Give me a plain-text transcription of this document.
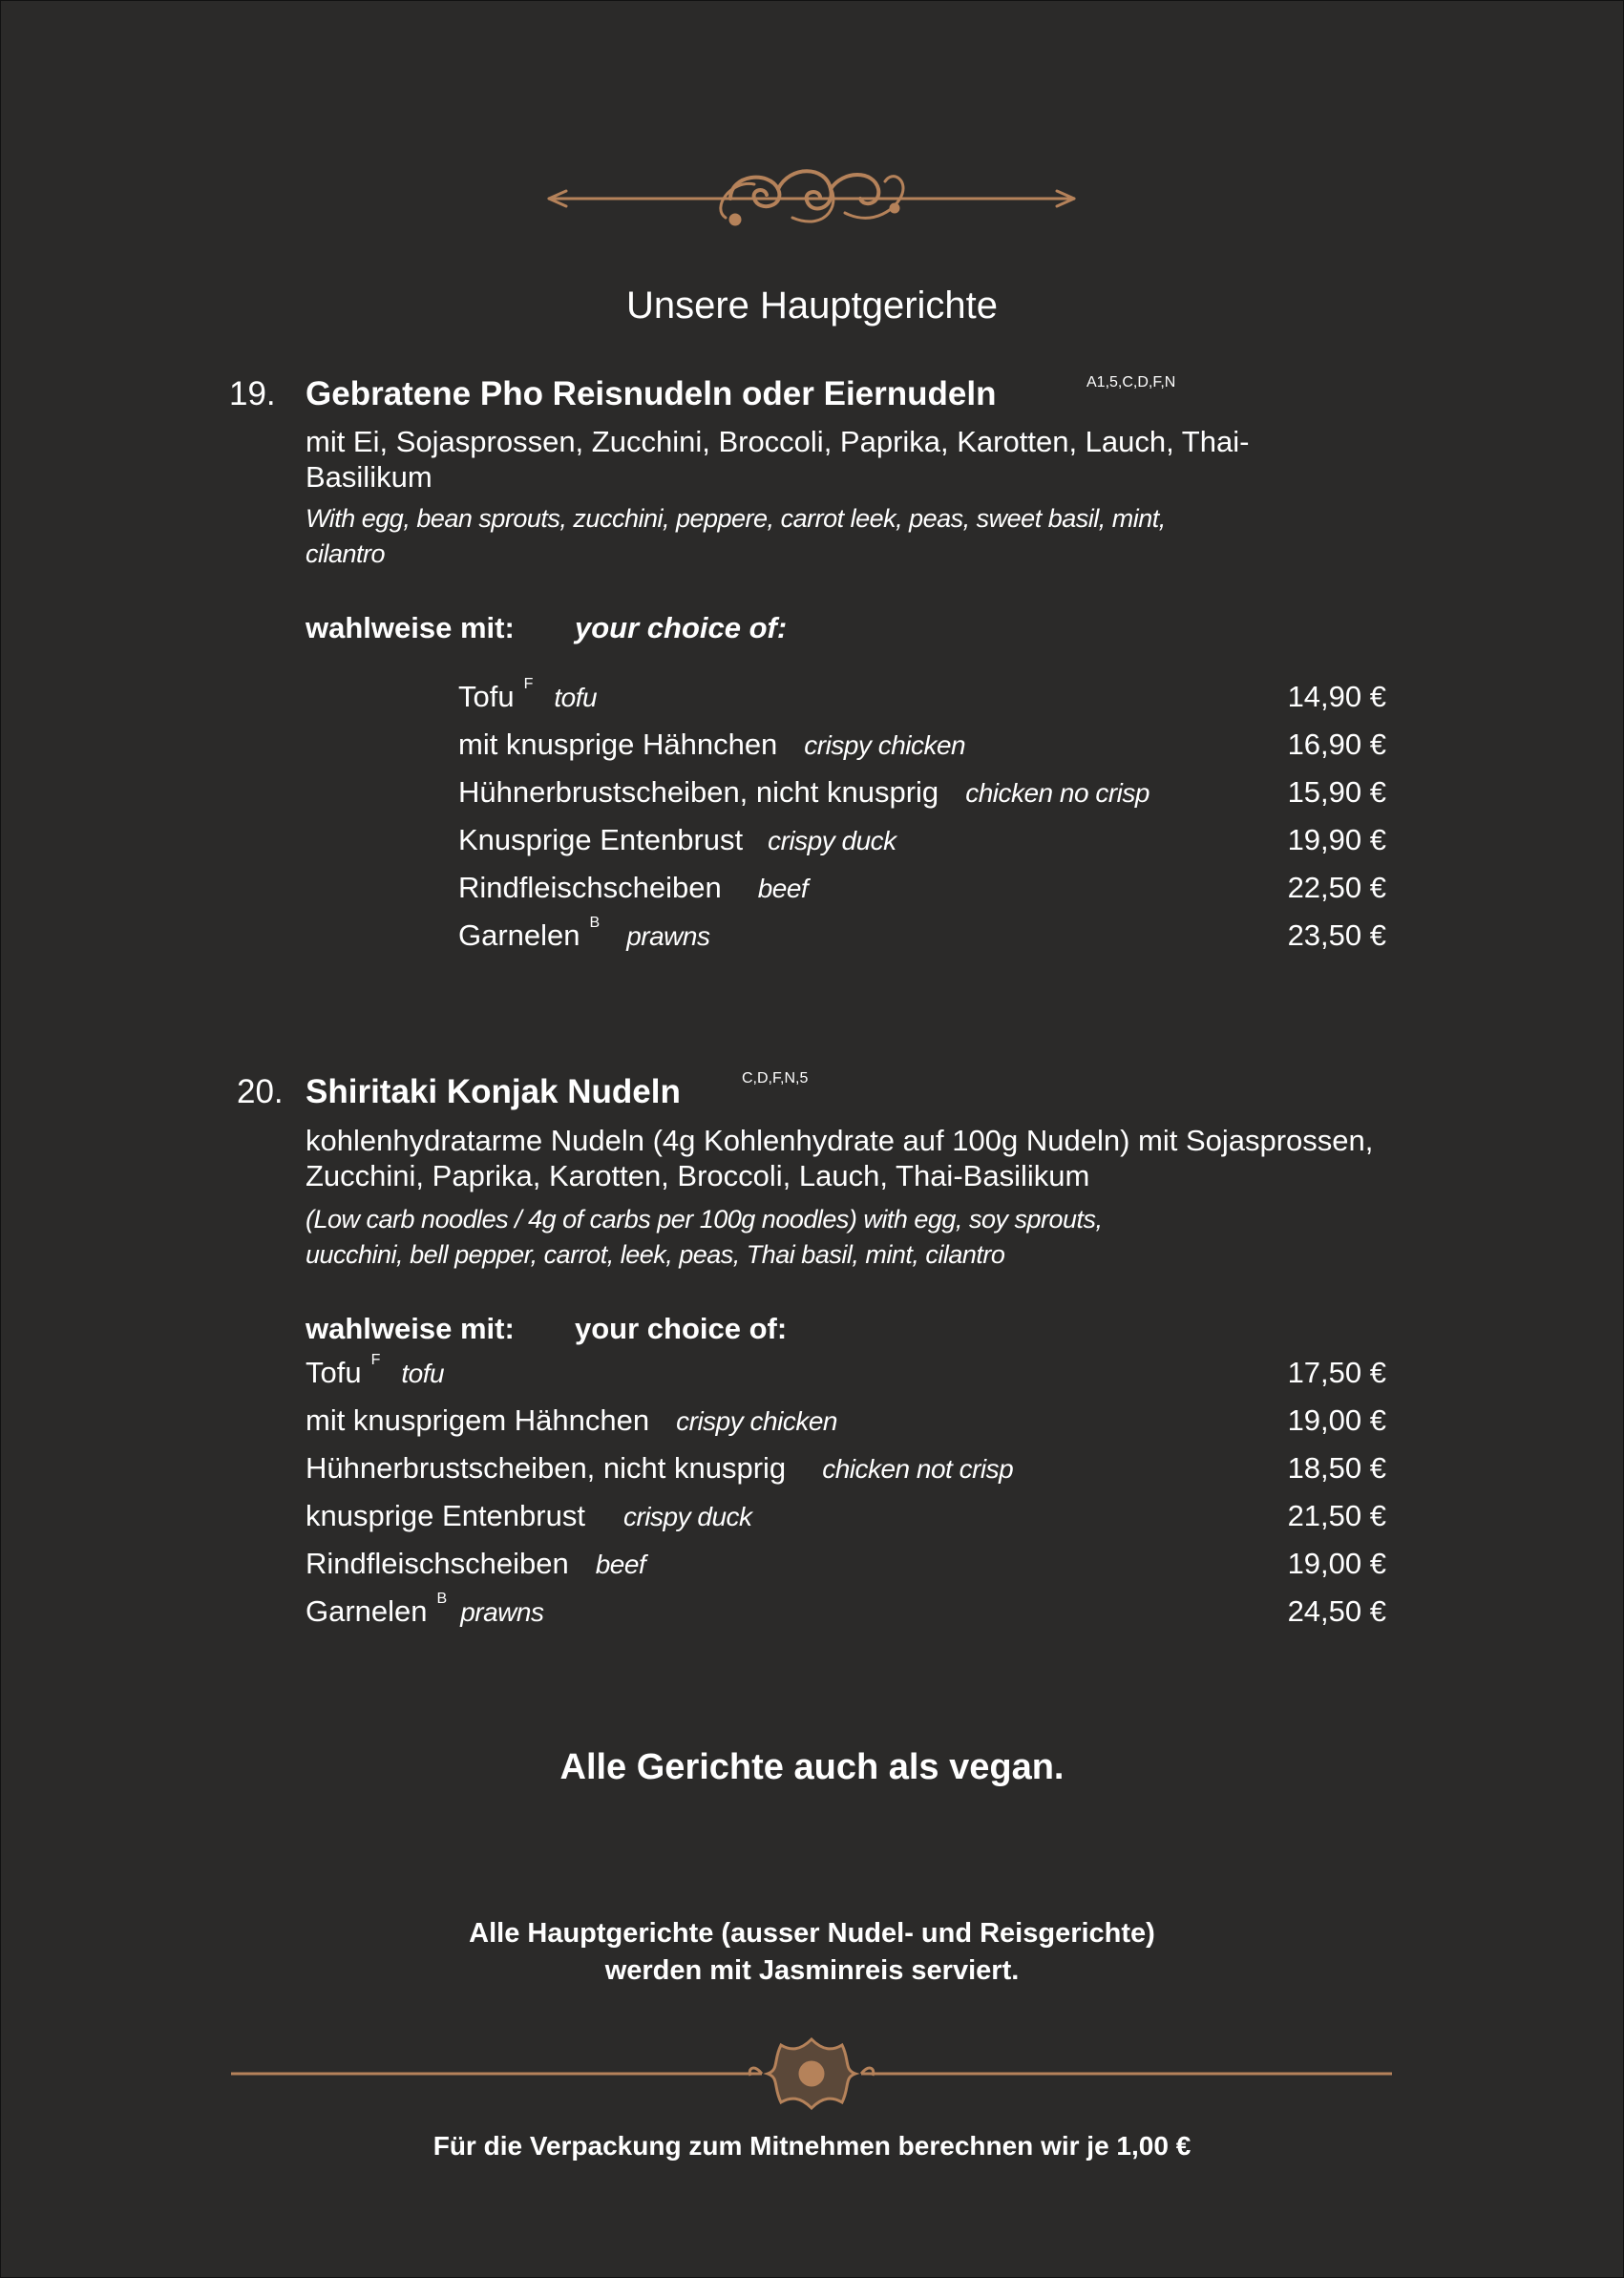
Unsere Hauptgerichte
19. Gebratene Pho Reisnudeln oder Eiernudeln	A1,5,C,D,F,N
mit Ei, Sojasprossen, Zucchini, Broccoli, Paprika, Karotten, Lauch, Thai-Basilikum
With egg, bean sprouts, zucchini, peppere, carrot leek, peas, sweet basil, mint, cilantro
wahlweise mit: your choice of:
Tofu $^F$ tofu	14,90 €
mit knusprige Hähnchen crispy chicken	16,90 €
Hühnerbrustscheiben, nicht knusprig chicken no crisp	15,90 €
Knusprige Entenbrust crispy duck	19,90 €
Rindfleischscheiben beef	22,50 €
Garnelen $^B$ prawns	23,50 €
20. Shiritaki Konjak Nudeln	C,D,F,N,5
kohlenhydratarme Nudeln (4g Kohlenhydrate auf 100g Nudeln) mit Sojasprossen, Zucchini, Paprika, Karotten, Broccoli, Lauch, Thai-Basilikum
(Low carb noodles / 4g of carbs per 100g noodles) with egg, soy sprouts, uucchini, bell pepper, carrot, leek, peas, Thai basil, mint, cilantro
wahlweise mit: your choice of:
Tofu $^F$ tofu	17,50 €
mit knusprigem Hähnchen crispy chicken	19,00 €
Hühnerbrustscheiben, nicht knusprig chicken not crisp	18,50 €
knusprige Entenbrust crispy duck	21,50 €
Rindfleischscheiben beef	19,00 €
Garnelen $^B$ prawns	24,50 €
Alle Gerichte auch als vegan.
Alle Hauptgerichte (ausser Nudel- und Reisgerichte)
werden mit Jasminreis serviert.
Für die Verpackung zum Mitnehmen berechnen wir je 1,00 €
